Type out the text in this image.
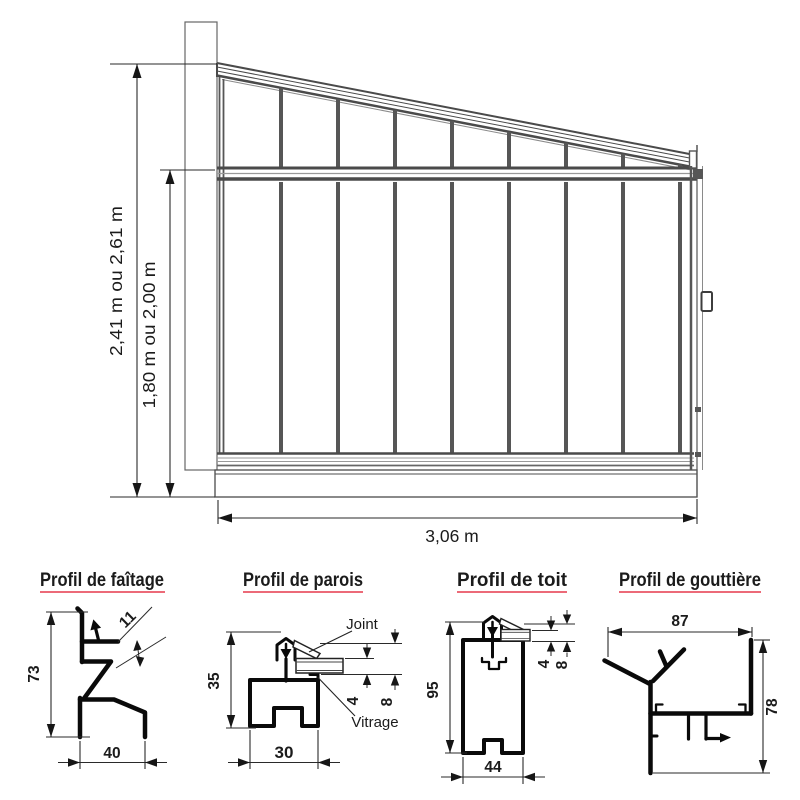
2,41 m ou 2,61 m 1,80 m ou 2,00 m
3,06 m
Profil de faîtage	Profil de parois	Profil de toit	Profil de gouttière
73
11
40
Joint
Vitrage
35
4 8
30
95
4 8
44
87
78
